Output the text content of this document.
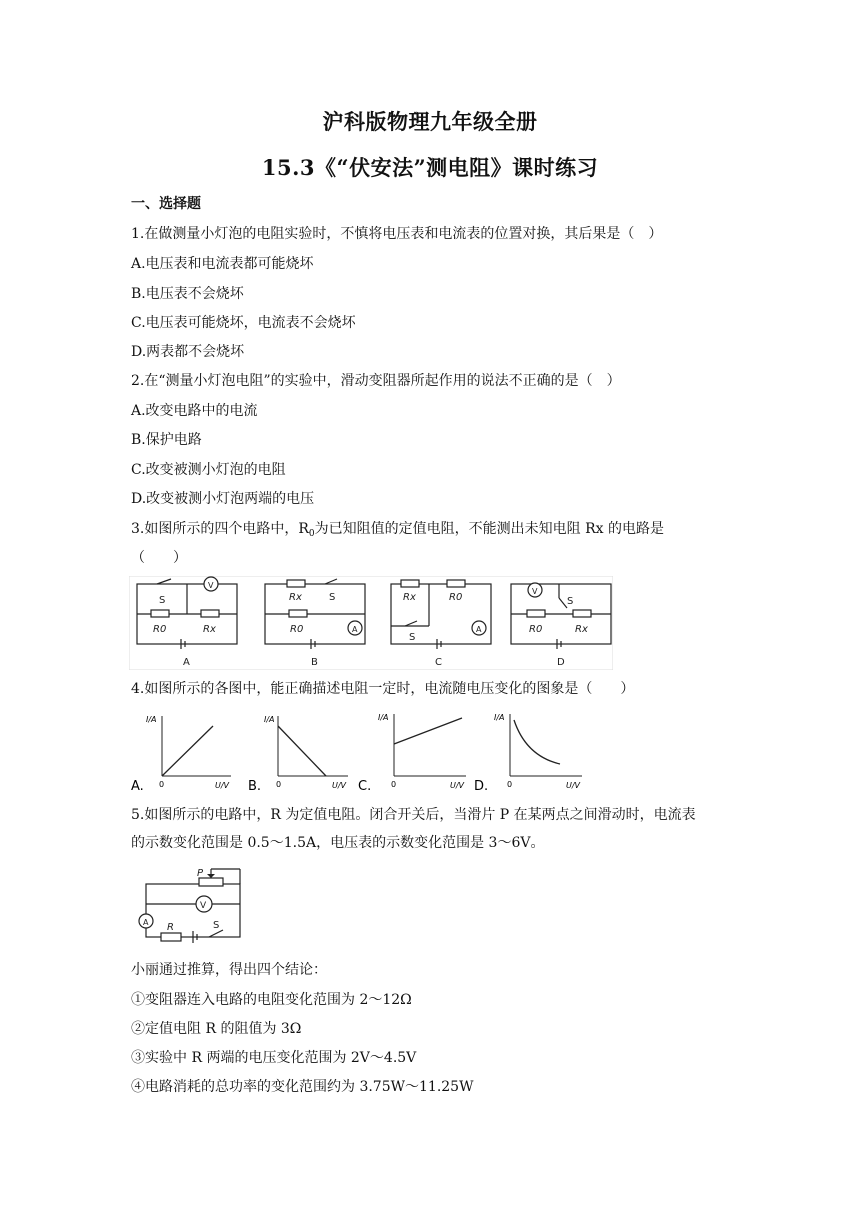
沪科版物理九年级全册
15.3《“伏安法”测电阻》课时练习
一、选择题
1.在做测量小灯泡的电阻实验时，不慎将电压表和电流表的位置对换，其后果是（　）
A.电压表和电流表都可能烧坏
B.电压表不会烧坏
C.电压表可能烧坏，电流表不会烧坏
D.两表都不会烧坏
2.在“测量小灯泡电阻”的实验中，滑动变阻器所起作用的说法不正确的是（　）
A.改变电路中的电流
B.保护电路
C.改变被测小灯泡的电阻
D.改变被测小灯泡两端的电压
3.如图所示的四个电路中，$R_0$为已知阻值的定值电阻，不能测出未知电阻 Rx 的电路是
（　　）
S
V
R0	Rx
A
Rx	S
R0	A
B
Rx	R0
S
A
C
V
S
R0	Rx
D
4.如图所示的各图中，能正确描述电阻一定时，电流随电压变化的图象是（　　）
I/A
U/V
0
A.
I/A
U/V
0
B.
I/A
U/V
0
C.
I/A
U/V
0
D.
5.如图所示的电路中，R 为定值电阻。闭合开关后，当滑片 P 在某两点之间滑动时，电流表
的示数变化范围是 0.5～1.5A，电压表的示数变化范围是 3～6V。
P
V
A R	S
小丽通过推算，得出四个结论：
①变阻器连入电路的电阻变化范围为 2～12Ω
②定值电阻 R 的阻值为 3Ω
③实验中 R 两端的电压变化范围为 2V～4.5V
④电路消耗的总功率的变化范围约为 3.75W～11.25W
